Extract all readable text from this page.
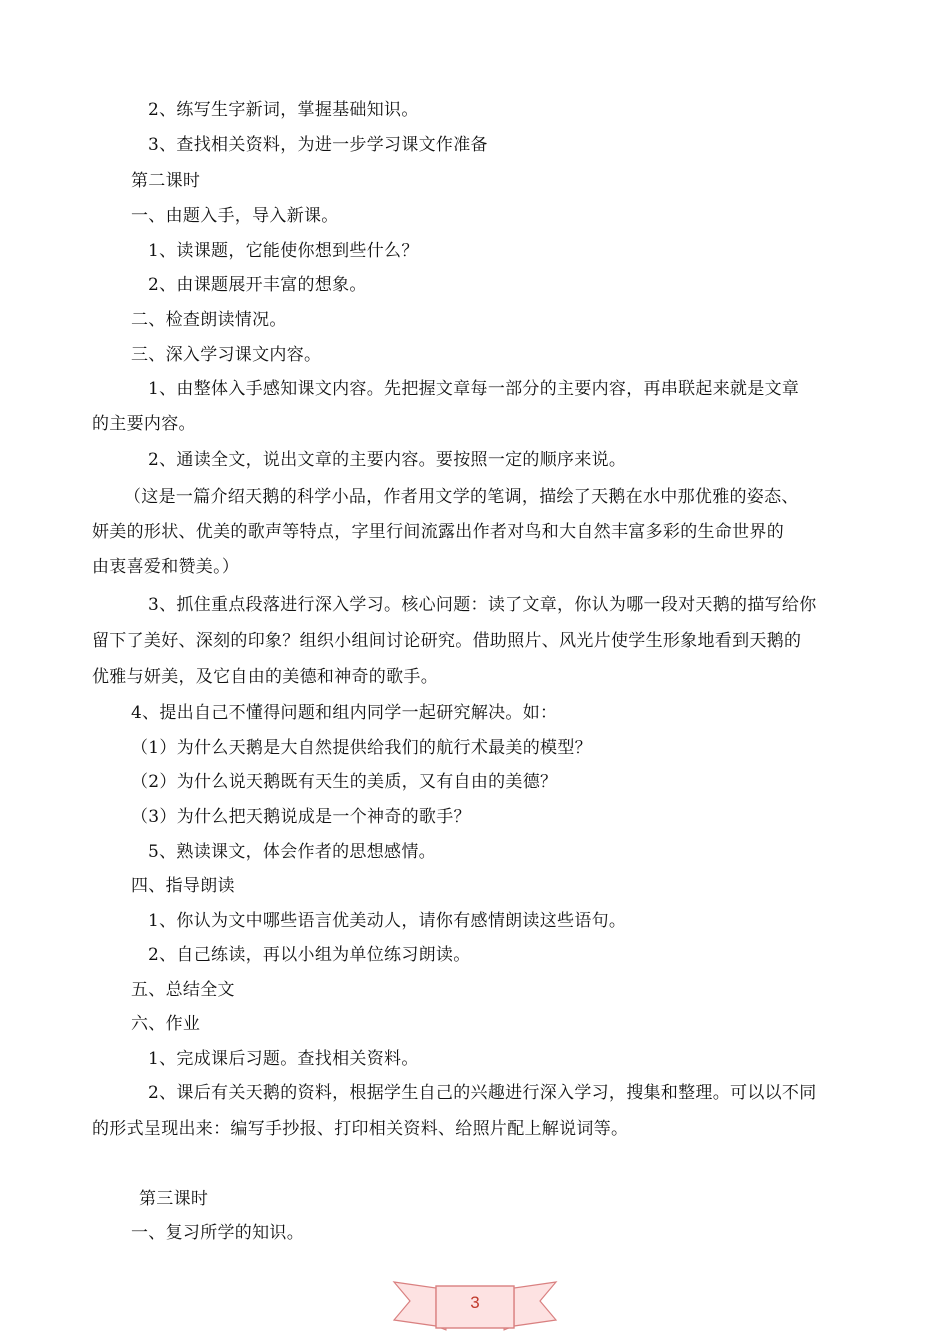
2、练写生字新词，掌握基础知识。

3、查找相关资料，为进一步学习课文作准备

第二课时

一、由题入手，导入新课。

1、读课题，它能使你想到些什么？

2、由课题展开丰富的想象。

二、检查朗读情况。

三、深入学习课文内容。

1、由整体入手感知课文内容。先把握文章每一部分的主要内容，再串联起来就是文章

的主要内容。

2、通读全文，说出文章的主要内容。要按照一定的顺序来说。

（这是一篇介绍天鹅的科学小品，作者用文学的笔调，描绘了天鹅在水中那优雅的姿态、

妍美的形状、优美的歌声等特点，字里行间流露出作者对鸟和大自然丰富多彩的生命世界的

由衷喜爱和赞美。）

3、抓住重点段落进行深入学习。核心问题：读了文章，你认为哪一段对天鹅的描写给你

留下了美好、深刻的印象？组织小组间讨论研究。借助照片、风光片使学生形象地看到天鹅的

优雅与妍美，及它自由的美德和神奇的歌手。

4、提出自己不懂得问题和组内同学一起研究解决。如：

（1）为什么天鹅是大自然提供给我们的航行术最美的模型？

（2）为什么说天鹅既有天生的美质，又有自由的美德？

（3）为什么把天鹅说成是一个神奇的歌手？

5、熟读课文，体会作者的思想感情。

四、指导朗读

1、你认为文中哪些语言优美动人，请你有感情朗读这些语句。

2、自己练读，再以小组为单位练习朗读。

五、总结全文

六、作业

1、完成课后习题。查找相关资料。

2、课后有关天鹅的资料，根据学生自己的兴趣进行深入学习，搜集和整理。可以以不同

的形式呈现出来：编写手抄报、打印相关资料、给照片配上解说词等。

第三课时

一、复习所学的知识。

3
